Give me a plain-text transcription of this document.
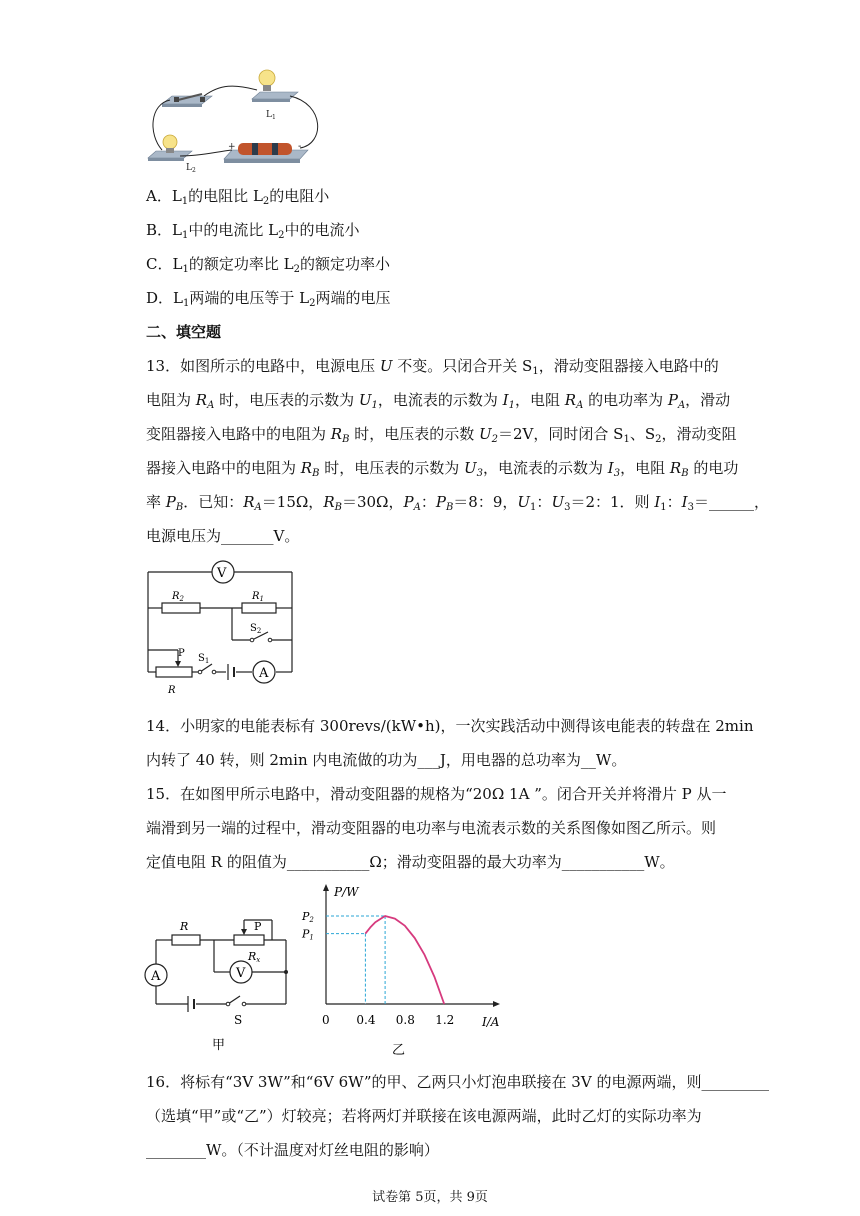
$L_1$
$L_2$
+	-
A．$L_1$的电阻比 $L_2$的电阻小
B．$L_1$中的电流比 $L_2$中的电流小
C．$L_1$的额定功率比 $L_2$的额定功率小
D．$L_1$两端的电压等于 $L_2$两端的电压
二、填空题
13．如图所示的电路中，电源电压 U 不变。只闭合开关 $S_1$，滑动变阻器接入电路中的
电阻为 $R_A$ 时，电压表的示数为 $U_1$，电流表的示数为 $I_1$，电阻 $R_A$ 的电功率为 $P_A$，滑动
变阻器接入电路中的电阻为 $R_B$ 时，电压表的示数 $U_2=2V$，同时闭合 $S_1$、$S_2$，滑动变阻
器接入电路中的电阻为 $R_B$ 时，电压表的示数为 $U_3$，电流表的示数为 $I_3$，电阻 $R_B$ 的电功
率 $P_B$．已知：$R_A=15\Omega$，$R_B=30\Omega$，$P_A$：$P_B=8$：9，$U_1$：$U_3=2$：1．则 $I_1$：$I_3=\_\_\_\_\_\_$，
电源电压为_______V。
V
$R_2$	$R_1$
$S_2$
P
R
$S_1$
A
14．小明家的电能表标有 300revs/(kW•h)，一次实践活动中测得该电能表的转盘在 2min
内转了 40 转，则 2min 内电流做的功为___J，用电器的总功率为__W。
15．在如图甲所示电路中，滑动变阻器的规格为“20Ω 1A ”。闭合开关并将滑片 P 从一
端滑到另一端的过程中，滑动变阻器的电功率与电流表示数的关系图像如图乙所示。则
定值电阻 R 的阻值为___________Ω；滑动变阻器的最大功率为___________W。
R	P
Rx
A	V
S
甲
P/W
I/A
0 0.4 0.8 1.2
P2
P1
乙
16．将标有“3V 3W”和“6V 6W”的甲、乙两只小灯泡串联接在 3V 的电源两端，则_________
（选填“甲”或“乙”）灯较亮；若将两灯并联接在该电源两端，此时乙灯的实际功率为
________W。（不计温度对灯丝电阻的影响）
试卷第 5页，共 9页
